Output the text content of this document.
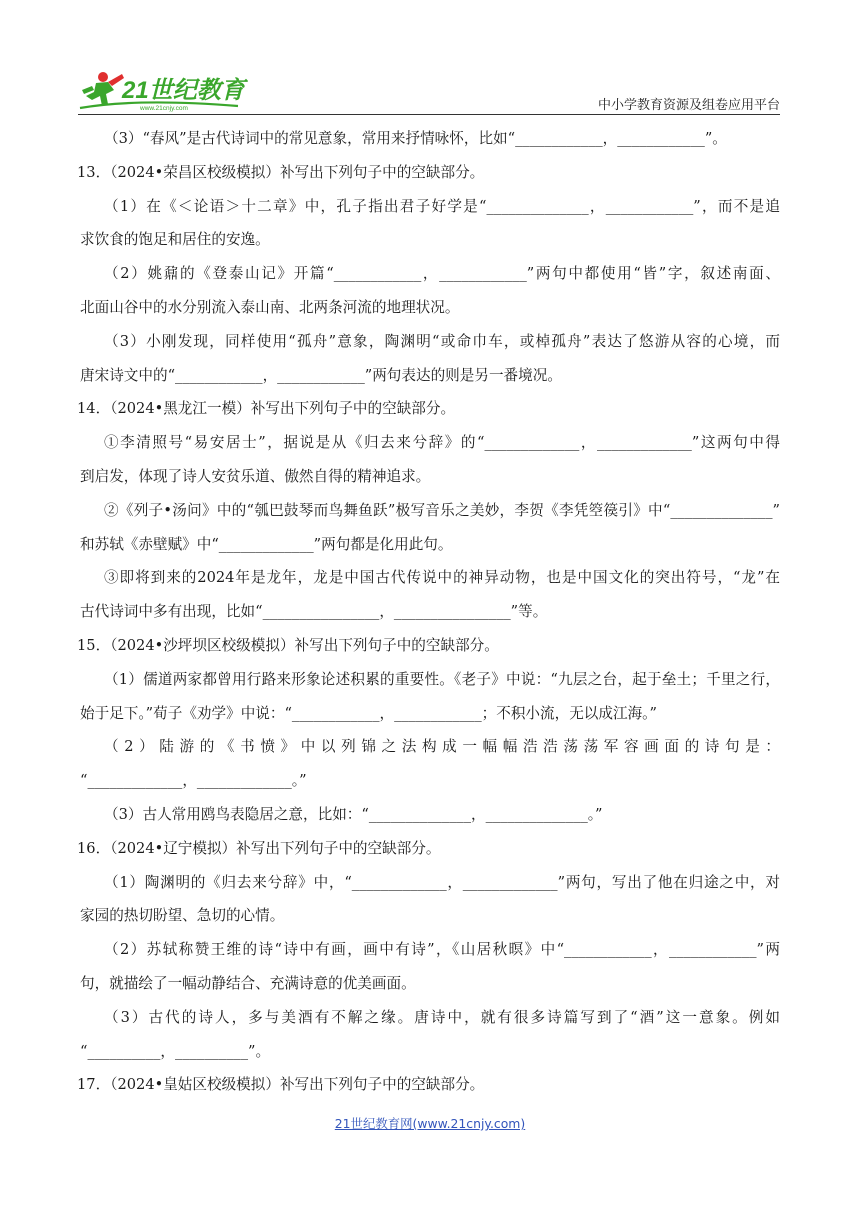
21世纪教育
www.21cnjy.com	中小学教育资源及组卷应用平台
（3）“春风”是古代诗词中的常见意象，常用来抒情咏怀，比如“____________，____________”。
13．（2024•荣昌区校级模拟）补写出下列句子中的空缺部分。
（1）在《＜论语＞十二章》中，孔子指出君子好学是“______________，____________”，而不是追
求饮食的饱足和居住的安逸。
（2）姚鼐的《登泰山记》开篇“____________，____________”两句中都使用“皆”字，叙述南面、
北面山谷中的水分别流入泰山南、北两条河流的地理状况。
（3）小刚发现，同样使用“孤舟”意象，陶渊明“或命巾车，或棹孤舟”表达了悠游从容的心境，而
唐宋诗文中的“____________，____________”两句表达的则是另一番境况。
14．（2024•黑龙江一模）补写出下列句子中的空缺部分。
①李清照号“易安居士”，据说是从《归去来兮辞》的“_____________，_____________”这两句中得
到启发，体现了诗人安贫乐道、傲然自得的精神追求。
②《列子•汤问》中的“瓠巴鼓琴而鸟舞鱼跃”极写音乐之美妙，李贺《李凭箜篌引》中“______________”
和苏轼《赤壁赋》中“_____________”两句都是化用此句。
③即将到来的2024年是龙年，龙是中国古代传说中的神异动物，也是中国文化的突出符号，“龙”在
古代诗词中多有出现，比如“________________，________________”等。
15．（2024•沙坪坝区校级模拟）补写出下列句子中的空缺部分。
（1）儒道两家都曾用行路来形象论述积累的重要性。《老子》中说：“九层之台，起于垒土；千里之行，
始于足下。”荀子《劝学》中说：“____________，____________；不积小流，无以成江海。”
（2）陆游的《书愤》中以列锦之法构成一幅幅浩浩荡荡军容画面的诗句是：
“_____________，_____________。”
（3）古人常用鸥鸟表隐居之意，比如：“______________，______________。”
16．（2024•辽宁模拟）补写出下列句子中的空缺部分。
（1）陶渊明的《归去来兮辞》中，“_____________，_____________”两句，写出了他在归途之中，对
家园的热切盼望、急切的心情。
（2）苏轼称赞王维的诗“诗中有画，画中有诗”，《山居秋暝》中“____________，____________”两
句，就描绘了一幅动静结合、充满诗意的优美画面。
（3）古代的诗人，多与美酒有不解之缘。唐诗中，就有很多诗篇写到了“酒”这一意象。例如
“__________，__________”。
17．（2024•皇姑区校级模拟）补写出下列句子中的空缺部分。
21世纪教育网(www.21cnjy.com)
